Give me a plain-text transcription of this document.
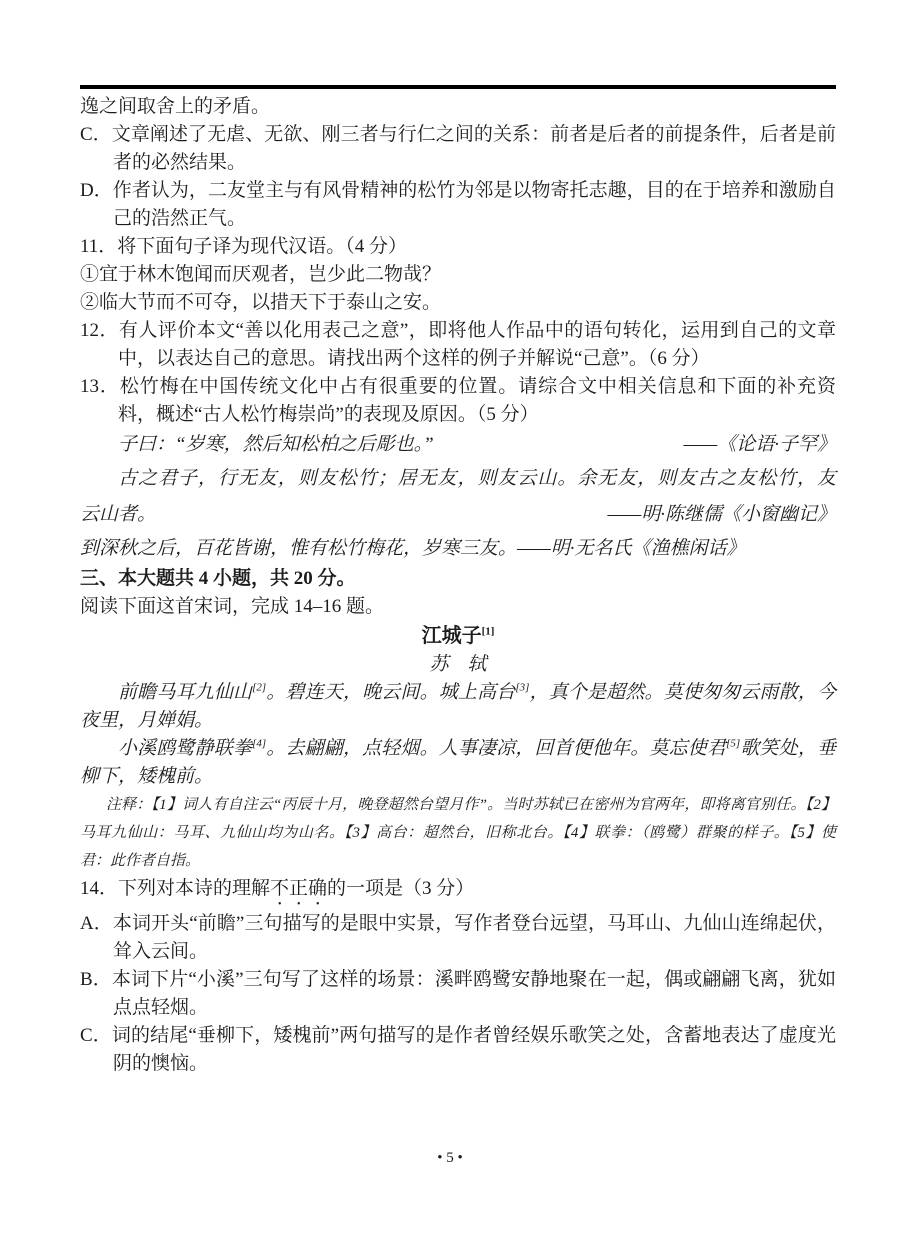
逸之间取舍上的矛盾。

C．文章阐述了无虐、无欲、刚三者与行仁之间的关系：前者是后者的前提条件，后者是前者的必然结果。

D．作者认为，二友堂主与有风骨精神的松竹为邻是以物寄托志趣，目的在于培养和激励自己的浩然正气。

11．将下面句子译为现代汉语。（4 分）

①宜于林木饱闻而厌观者，岂少此二物哉？

②临大节而不可夺，以措天下于泰山之安。

12．有人评价本文“善以化用表己之意”，即将他人作品中的语句转化，运用到自己的文章中，以表达自己的意思。请找出两个这样的例子并解说“己意”。（6 分）

13．松竹梅在中国传统文化中占有很重要的位置。请综合文中相关信息和下面的补充资料，概述“古人松竹梅崇尚”的表现及原因。（5 分）

子曰：“岁寒，然后知松柏之后彫也。”	——《论语·子罕》

古之君子，行无友，则友松竹；居无友，则友云山。余无友，则友古之友松竹，友

云山者。	——明·陈继儒《小窗幽记》

到深秋之后，百花皆谢，惟有松竹梅花，岁寒三友。——明·无名氏《渔樵闲话》

三、本大题共 4 小题，共 20 分。

阅读下面这首宋词，完成 14–16 题。

江城子[1]

苏　轼

前瞻马耳九仙山[2]。碧连天，晚云间。城上高台[3]，真个是超然。莫使匆匆云雨散，今夜里，月婵娟。

小溪鸥鹭静联拳[4]。去翩翩，点轻烟。人事凄凉，回首便他年。莫忘使君[5]歌笑处，垂柳下，矮槐前。

注释：【1】词人有自注云“丙辰十月，晚登超然台望月作”。当时苏轼已在密州为官两年，即将离官别任。【2】马耳九仙山：马耳、九仙山均为山名。【3】高台：超然台，旧称北台。【4】联拳：（鸥鹭）群聚的样子。【5】使君：此作者自指。

14．下列对本诗的理解不正确的一项是（3 分）

A．本词开头“前瞻”三句描写的是眼中实景，写作者登台远望，马耳山、九仙山连绵起伏，耸入云间。

B．本词下片“小溪”三句写了这样的场景：溪畔鸥鹭安静地聚在一起，偶或翩翩飞离，犹如点点轻烟。

C．词的结尾“垂柳下，矮槐前”两句描写的是作者曾经娱乐歌笑之处，含蓄地表达了虚度光阴的懊恼。

• 5 •
